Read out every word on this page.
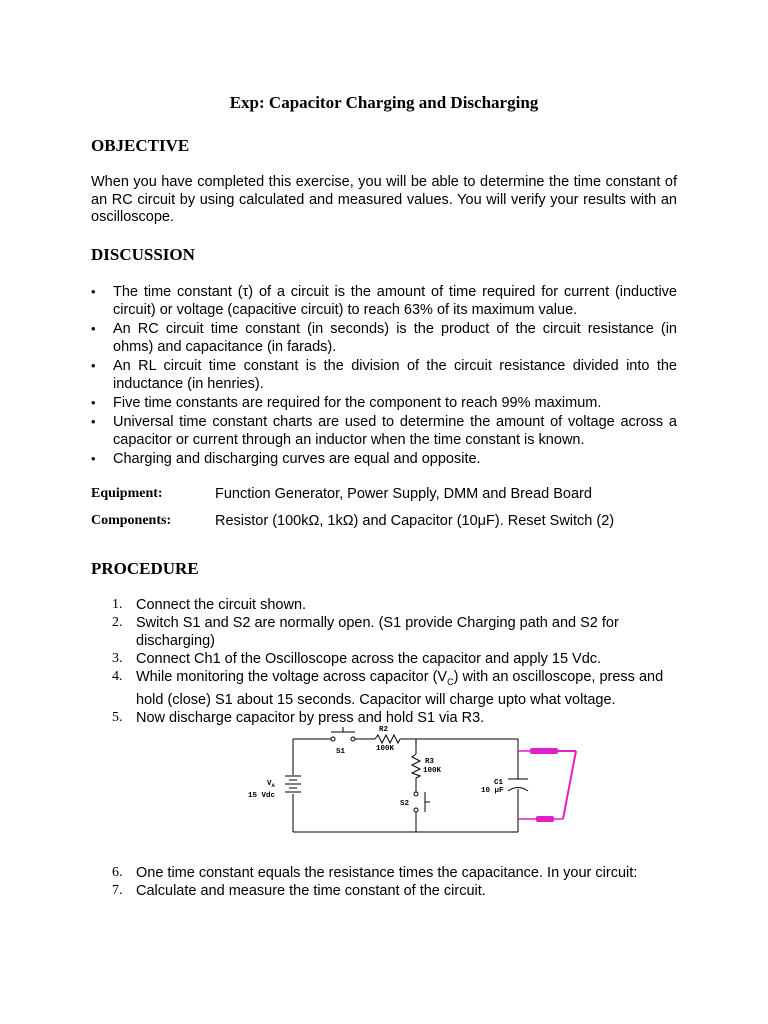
Exp: Capacitor Charging and Discharging
OBJECTIVE
When you have completed this exercise, you will be able to determine the time constant of an RC circuit by using calculated and measured values. You will verify your results with an oscilloscope.
DISCUSSION
• The time constant (τ) of a circuit is the amount of time required for current (inductive circuit) or voltage (capacitive circuit) to reach 63% of its maximum value.
• An RC circuit time constant (in seconds) is the product of the circuit resistance (in ohms) and capacitance (in farads).
• An RL circuit time constant is the division of the circuit resistance divided into the inductance (in henries).
• Five time constants are required for the component to reach 99% maximum.
• Universal time constant charts are used to determine the amount of voltage across a capacitor or current through an inductor when the time constant is known.
• Charging and discharging curves are equal and opposite.
Equipment:	Function Generator, Power Supply, DMM and Bread Board
Components:	Resistor (100kΩ, 1kΩ) and Capacitor (10μF). Reset Switch (2)
PROCEDURE
1. Connect the circuit shown.
2. Switch S1 and S2 are normally open. (S1 provide Charging path and S2 for discharging)
3. Connect Ch1 of the Oscilloscope across the capacitor and apply 15 Vdc.
4. While monitoring the voltage across capacitor $(V_C)$ with an oscilloscope, press and hold (close) S1 about 15 seconds. Capacitor will charge upto what voltage.
5. Now discharge capacitor by press and hold S1 via R3.
S1
R2
100K
R3
100K
S2
C1
10 μF
$V_A$
15 Vdc
6. One time constant equals the resistance times the capacitance. In your circuit:
7. Calculate and measure the time constant of the circuit.
